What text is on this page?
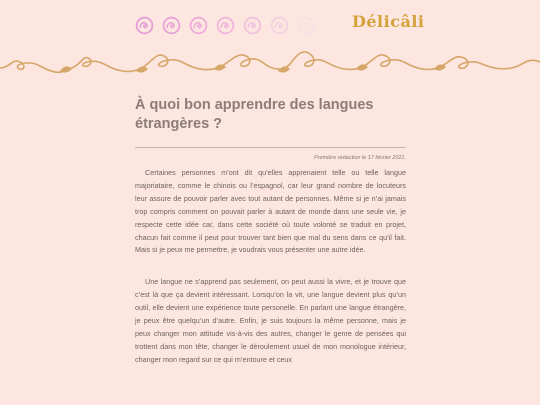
Délicâli
À quoi bon apprendre des langues étrangères ?
Première rédaction le 17 février 2021.

Certaines personnes m’ont dit qu’elles apprenaient telle ou telle langue majoriataire, comme le chinois ou l’espagnol, car leur grand nombre de locuteurs leur assure de pouvoir parler avec tout autant de personnes. Même si je n’ai jamais trop compris comment on pouvait parler à autant de monde dans une seule vie, je respecte cette idée car, dans cette société où toute volonté se traduit en projet, chacun fait comme il peut pour trouver tant bien que mal du sens dans ce qu’il fait. Mais si je peux me permettre, je voudrais vous présenter une autre idée.

Une langue ne s’apprend pas seulement, on peut aussi la vivre, et je trouve que c’est là que ça devient intéressant. Lorsqu’on la vit, une langue devient plus qu’un outil, elle devient une expérience toute personelle. En parlant une langue étrangère, je peux être quelqu’un d’autre. Enfin, je suis toujours la même personne, mais je peux changer mon attitude vis-à-vis des autres, changer le genre de pensées qui trottent dans mon tête, changer le déroulement usuel de mon monologue intérieur, changer mon regard sur ce qui m’entoure et ceux
